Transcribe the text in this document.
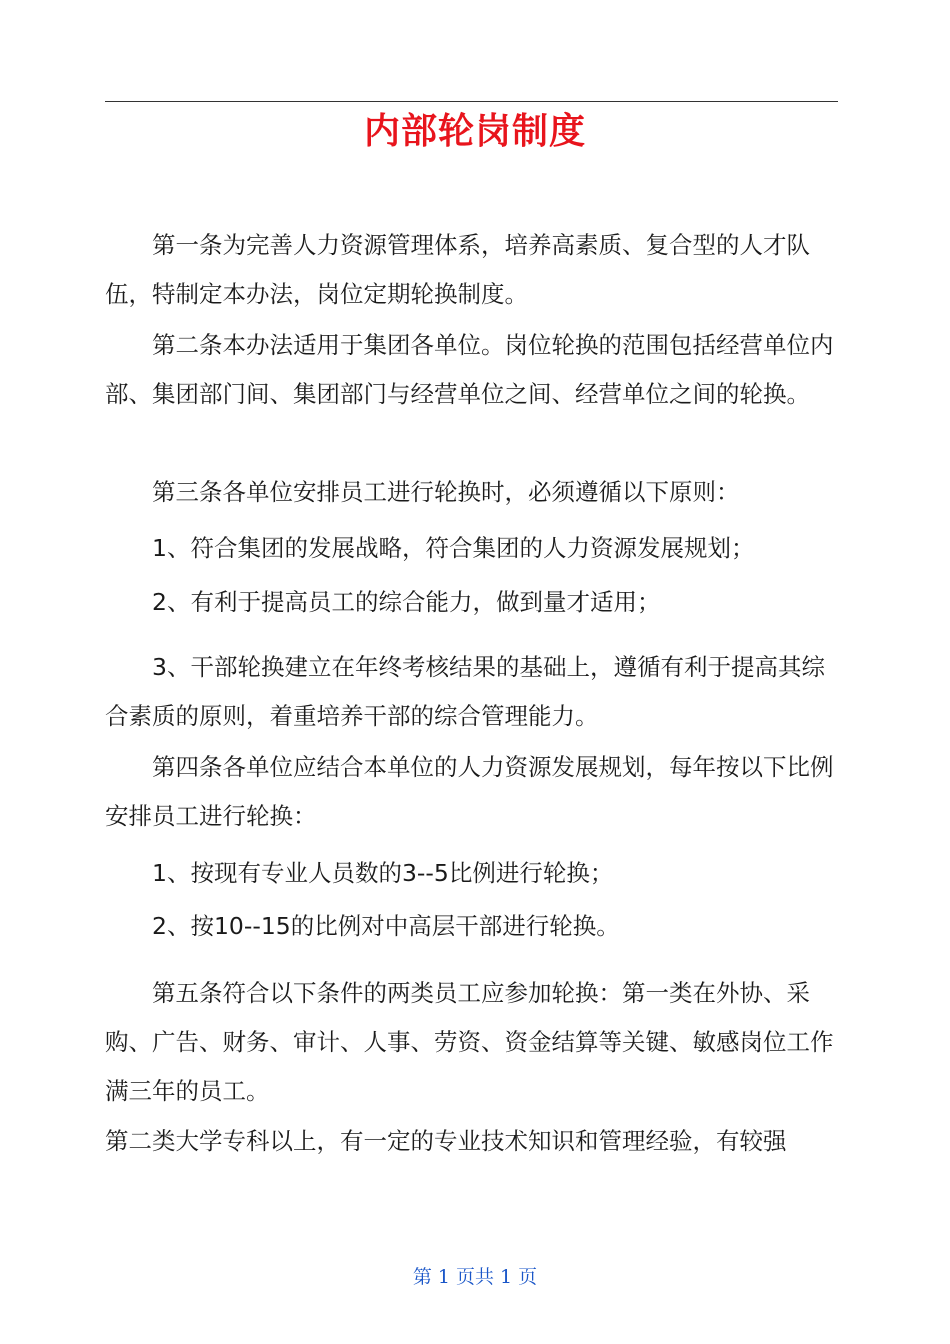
内部轮岗制度

第一条为完善人力资源管理体系，培养高素质、复合型的人才队伍，特制定本办法，岗位定期轮换制度。

第二条本办法适用于集团各单位。岗位轮换的范围包括经营单位内部、集团部门间、集团部门与经营单位之间、经营单位之间的轮换。

第三条各单位安排员工进行轮换时，必须遵循以下原则：

1、符合集团的发展战略，符合集团的人力资源发展规划；

2、有利于提高员工的综合能力，做到量才适用；

3、干部轮换建立在年终考核结果的基础上，遵循有利于提高其综合素质的原则，着重培养干部的综合管理能力。

第四条各单位应结合本单位的人力资源发展规划，每年按以下比例安排员工进行轮换：

1、按现有专业人员数的3--5比例进行轮换；

2、按10--15的比例对中高层干部进行轮换。

第五条符合以下条件的两类员工应参加轮换：第一类在外协、采购、广告、财务、审计、人事、劳资、资金结算等关键、敏感岗位工作满三年的员工。

第二类大学专科以上，有一定的专业技术知识和管理经验，有较强

第 1 页共 1 页
